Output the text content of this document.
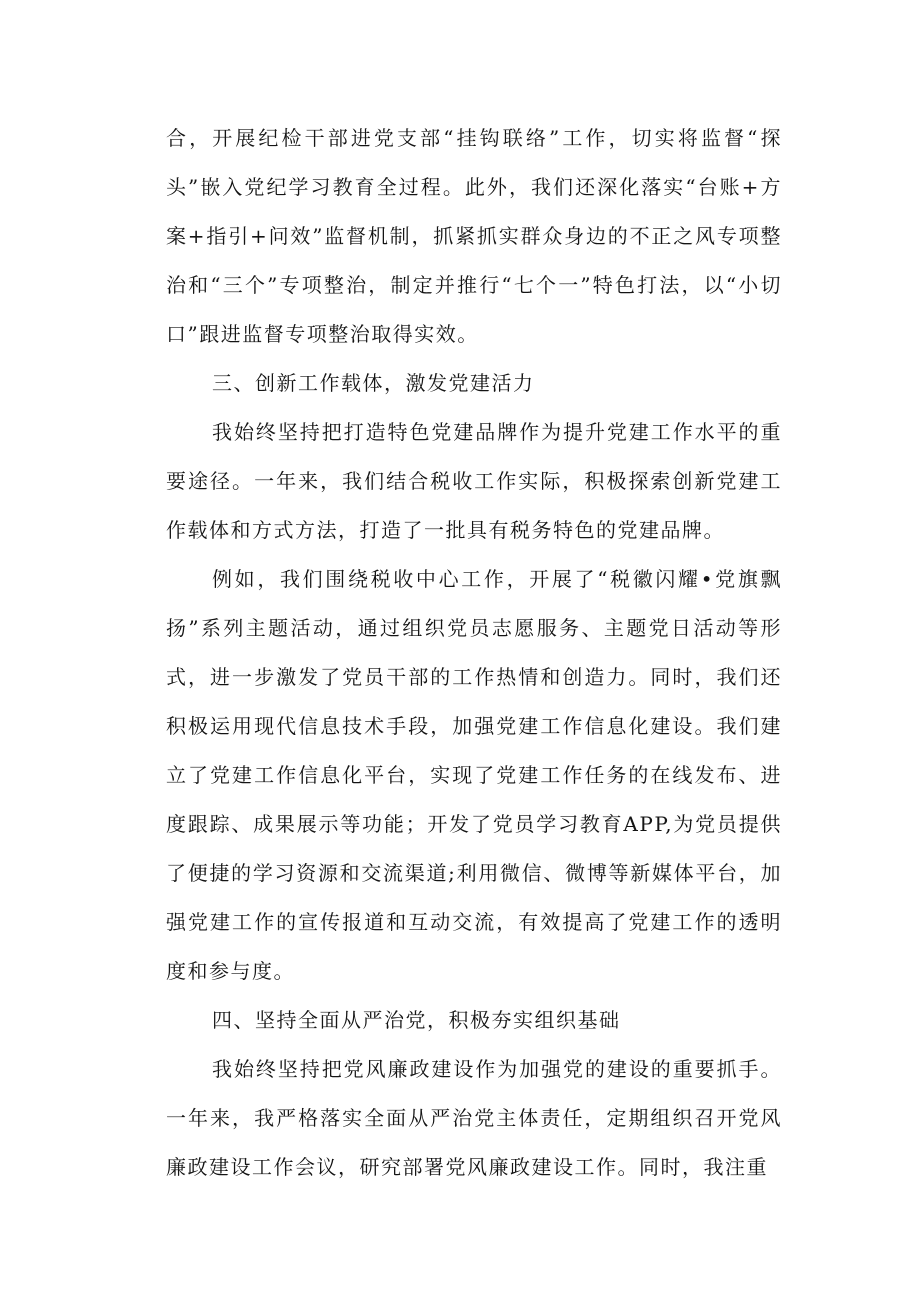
合，开展纪检干部进党支部“挂钩联络”工作，切实将监督“探头”嵌入党纪学习教育全过程。此外，我们还深化落实“台账+方案+指引+问效”监督机制，抓紧抓实群众身边的不正之风专项整治和“三个”专项整治，制定并推行“七个一”特色打法，以“小切口”跟进监督专项整治取得实效。

三、创新工作载体，激发党建活力

我始终坚持把打造特色党建品牌作为提升党建工作水平的重要途径。一年来，我们结合税收工作实际，积极探索创新党建工作载体和方式方法，打造了一批具有税务特色的党建品牌。

例如，我们围绕税收中心工作，开展了“税徽闪耀•党旗飘扬”系列主题活动，通过组织党员志愿服务、主题党日活动等形式，进一步激发了党员干部的工作热情和创造力。同时，我们还积极运用现代信息技术手段，加强党建工作信息化建设。我们建立了党建工作信息化平台，实现了党建工作任务的在线发布、进度跟踪、成果展示等功能；开发了党员学习教育APP,为党员提供了便捷的学习资源和交流渠道;利用微信、微博等新媒体平台，加强党建工作的宣传报道和互动交流，有效提高了党建工作的透明度和参与度。

四、坚持全面从严治党，积极夯实组织基础

我始终坚持把党风廉政建设作为加强党的建设的重要抓手。一年来，我严格落实全面从严治党主体责任，定期组织召开党风廉政建设工作会议，研究部署党风廉政建设工作。同时，我注重
